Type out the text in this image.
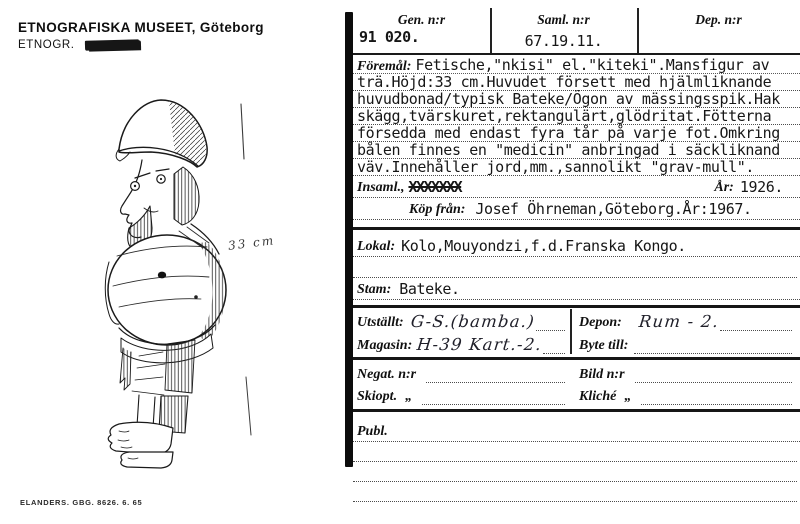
ETNOGRAFISKA MUSEET, Göteborg
ETNOGR.
33 cm
ELANDERS. GBG. 8626. 6. 65
Gen. n:r	Saml. n:r	Dep. n:r
91 020.	67.19.11.
Föremål: Fetische,"nkisi" el."kiteki".Mansfigur av
trä.Höjd:33 cm.Huvudet försett med hjälmliknande
huvudbonad/typisk Bateke/Ögon av mässingsspik.Hak
skägg,tvärskuret,rektangulärt,glödritat.Fötterna
försedda med endast fyra tår på varje fot.Omkring
bålen finnes en "medicin" anbringad i säckliknand
väv.Innehåller jord,mm.,sannolikt "grav-mull".
Insaml., XXXXXXX	År: 1926.
Köp från: Josef Öhrneman,Göteborg.År:1967.
Lokal: Kolo,Mouyondzi,f.d.Franska Kongo.
Stam: Bateke.
Utställt: G-S.(bamba.)	Depon: Rum - 2.
Magasin: H-39 Kart.-2.	Byte till:
Negat. n:r	Bild n:r
Skiopt. „	Kliché „
Publ.
